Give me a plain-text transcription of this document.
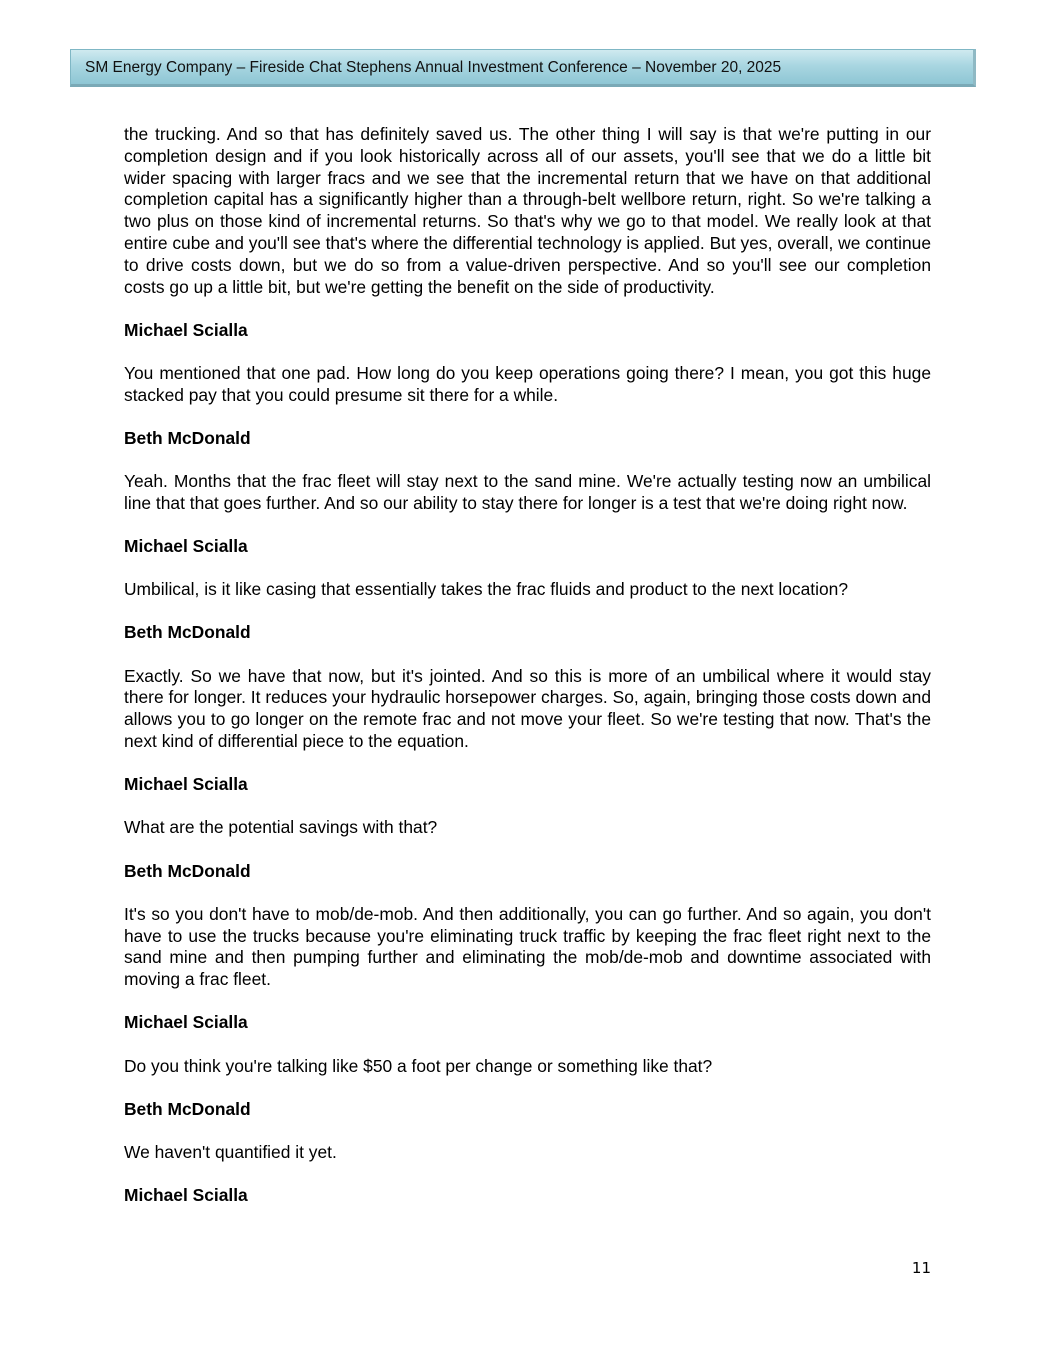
SM Energy Company – Fireside Chat Stephens Annual Investment Conference – November 20, 2025

the trucking. And so that has definitely saved us. The other thing I will say is that we're putting in our completion design and if you look historically across all of our assets, you'll see that we do a little bit wider spacing with larger fracs and we see that the incremental return that we have on that additional completion capital has a significantly higher than a through-belt wellbore return, right. So we're talking a two plus on those kind of incremental returns. So that's why we go to that model. We really look at that entire cube and you'll see that's where the differential technology is applied. But yes, overall, we continue to drive costs down, but we do so from a value-driven perspective. And so you'll see our completion costs go up a little bit, but we're getting the benefit on the side of productivity.

Michael Scialla

You mentioned that one pad. How long do you keep operations going there? I mean, you got this huge stacked pay that you could presume sit there for a while.

Beth McDonald

Yeah. Months that the frac fleet will stay next to the sand mine. We're actually testing now an umbilical line that that goes further. And so our ability to stay there for longer is a test that we're doing right now.

Michael Scialla

Umbilical, is it like casing that essentially takes the frac fluids and product to the next location?

Beth McDonald

Exactly. So we have that now, but it's jointed. And so this is more of an umbilical where it would stay there for longer. It reduces your hydraulic horsepower charges. So, again, bringing those costs down and allows you to go longer on the remote frac and not move your fleet. So we're testing that now. That's the next kind of differential piece to the equation.

Michael Scialla

What are the potential savings with that?

Beth McDonald

It's so you don't have to mob/de-mob. And then additionally, you can go further. And so again, you don't have to use the trucks because you're eliminating truck traffic by keeping the frac fleet right next to the sand mine and then pumping further and eliminating the mob/de-mob and downtime associated with moving a frac fleet.

Michael Scialla

Do you think you're talking like $50 a foot per change or something like that?

Beth McDonald

We haven't quantified it yet.

Michael Scialla

11
